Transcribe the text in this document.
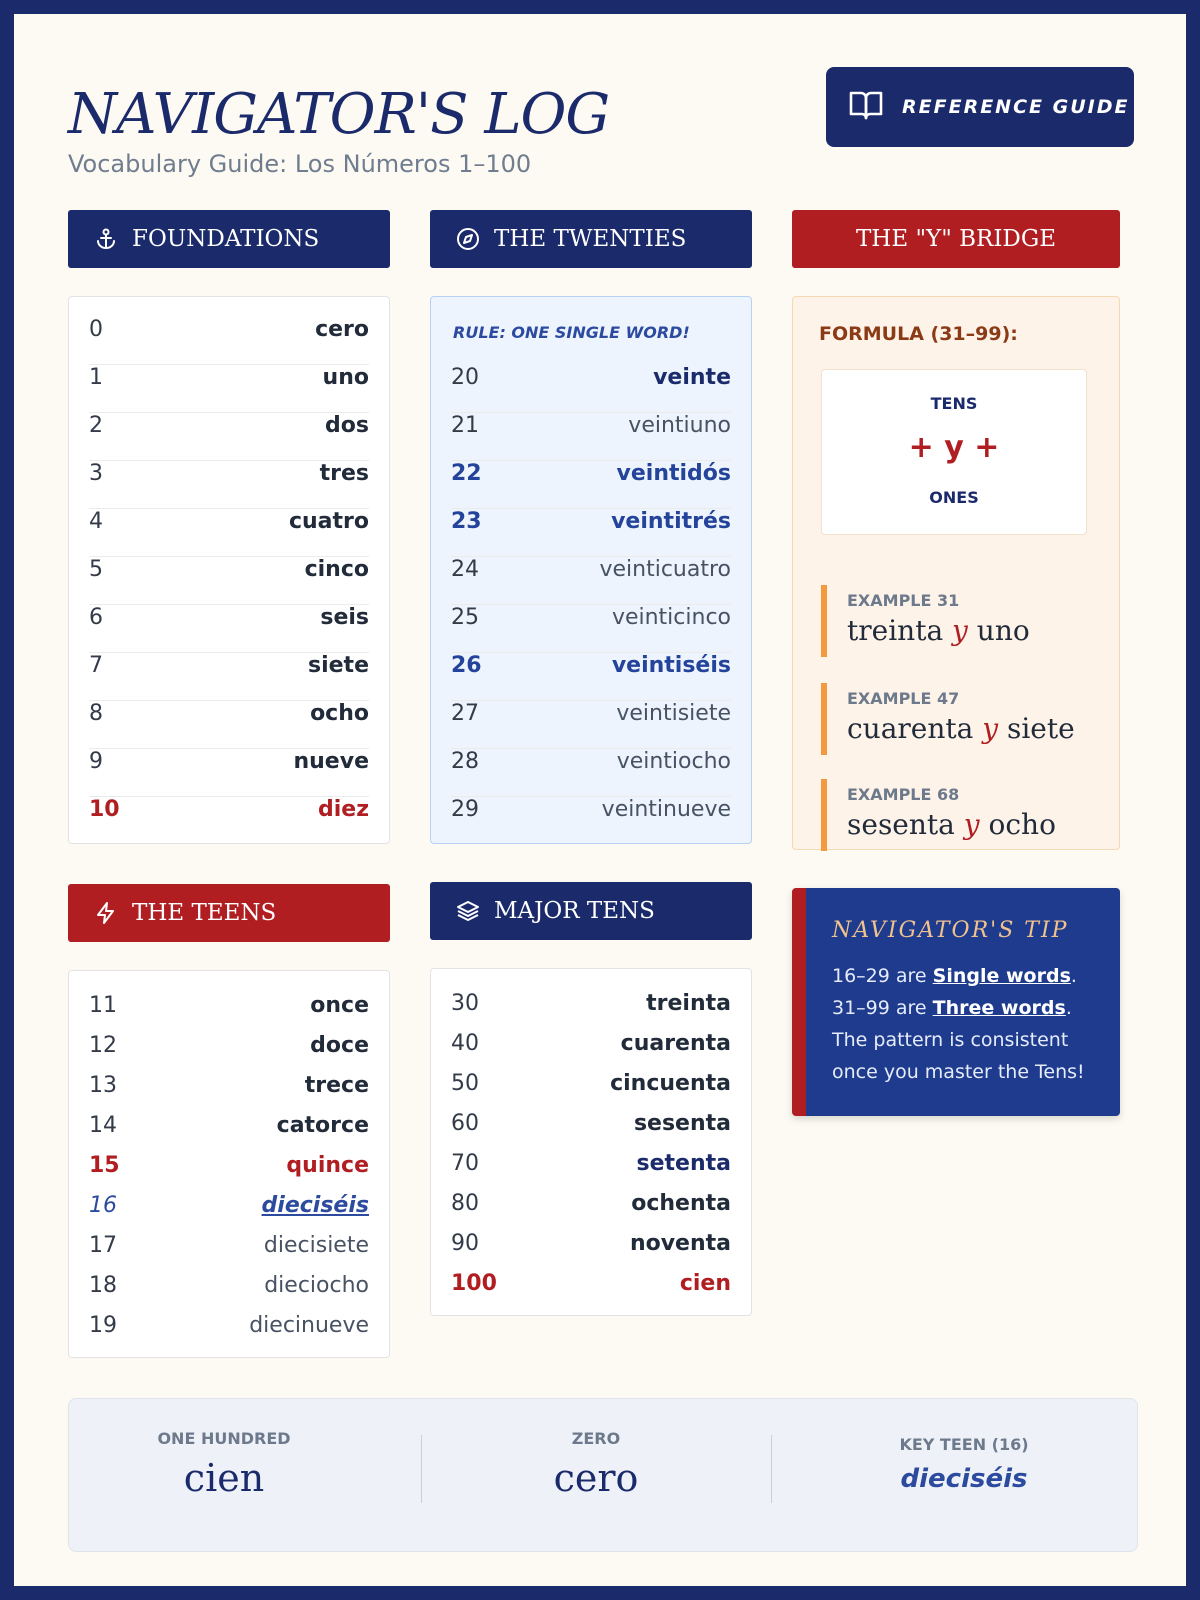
NAVIGATOR'S LOG
Vocabulary Guide: Los Números 1–100
REFERENCE GUIDE
FOUNDATIONS
0	cero
1	uno
2	dos
3	tres
4	cuatro
5	cinco
6	seis
7	siete
8	ocho
9	nueve
10	diez
THE TWENTIES
RULE: ONE SINGLE WORD!
20	veinte
21	veintiuno
22	veintidós
23	veintitrés
24	veinticuatro
25	veinticinco
26	veintiséis
27	veintisiete
28	veintiocho
29	veintinueve
THE "Y" BRIDGE
FORMULA (31–99):
TENS
+ y +
ONES
EXAMPLE 31
treinta y uno
EXAMPLE 47
cuarenta y siete
EXAMPLE 68
sesenta y ocho
THE TEENS
11	once
12	doce
13	trece
14	catorce
15	quince
16	dieciséis
17	diecisiete
18	dieciocho
19	diecinueve
MAJOR TENS
30	treinta
40	cuarenta
50	cincuenta
60	sesenta
70	setenta
80	ochenta
90	noventa
100	cien
NAVIGATOR'S TIP
16–29 are Single words.
31–99 are Three words.
The pattern is consistent once you master the Tens!
ONE HUNDRED
cien
ZERO
cero
KEY TEEN (16)
dieciséis
